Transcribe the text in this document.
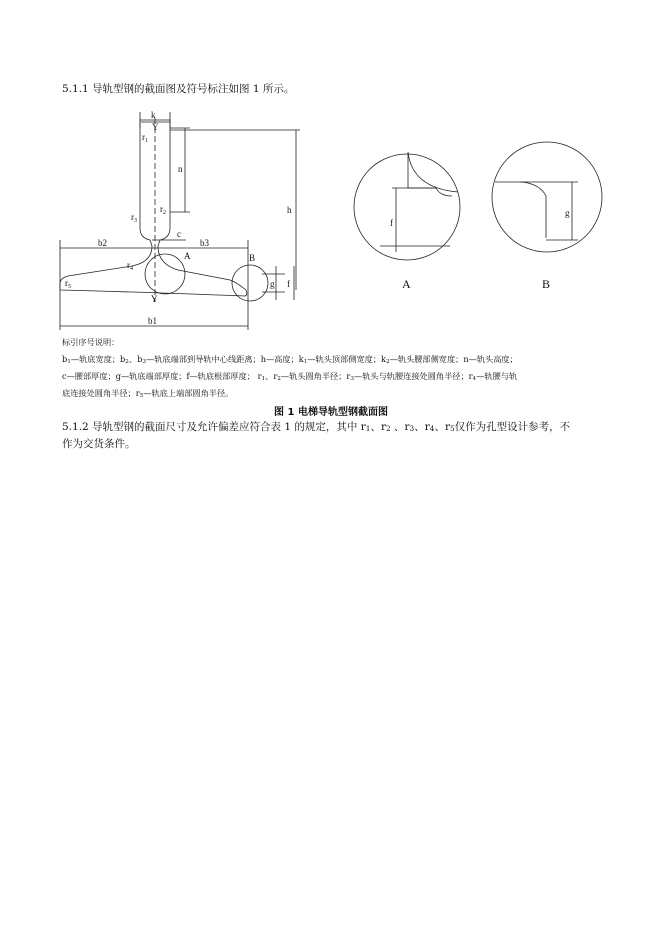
5.1.1 导轨型钢的截面图及符号标注如图 1 所示。
k
Y
$r_1$
n
$r_2$
$r_3$
h
c
b2	b3
A	B
$r_4$
$r_5$	g f
Y
b1
f
g
A	B
标引序号说明：
$b_1—$轨底宽度；$b_2$、$b_3—$轨底端部到导轨中心线距离；h—高度；$k_1—$轨头顶部侧宽度；$k_2—$轨头腰部侧宽度；n—轨头高度；
c—腰部厚度；g—轨底端部厚度；f—轨底根部厚度； $r_1$、$r_2—$轨头圆角半径；$r_3—$轨头与轨腰连接处圆角半径；$r_4—$轨腰与轨
底连接处圆角半径；$r_5—$轨底上端部圆角半径。
图 1 电梯导轨型钢截面图
5.1.2 导轨型钢的截面尺寸及允许偏差应符合表 1 的规定，其中 $r_1$、$r_2$ 、$r_3$、$r_4$、$r_5$仅作为孔型设计参考，不
作为交货条件。
